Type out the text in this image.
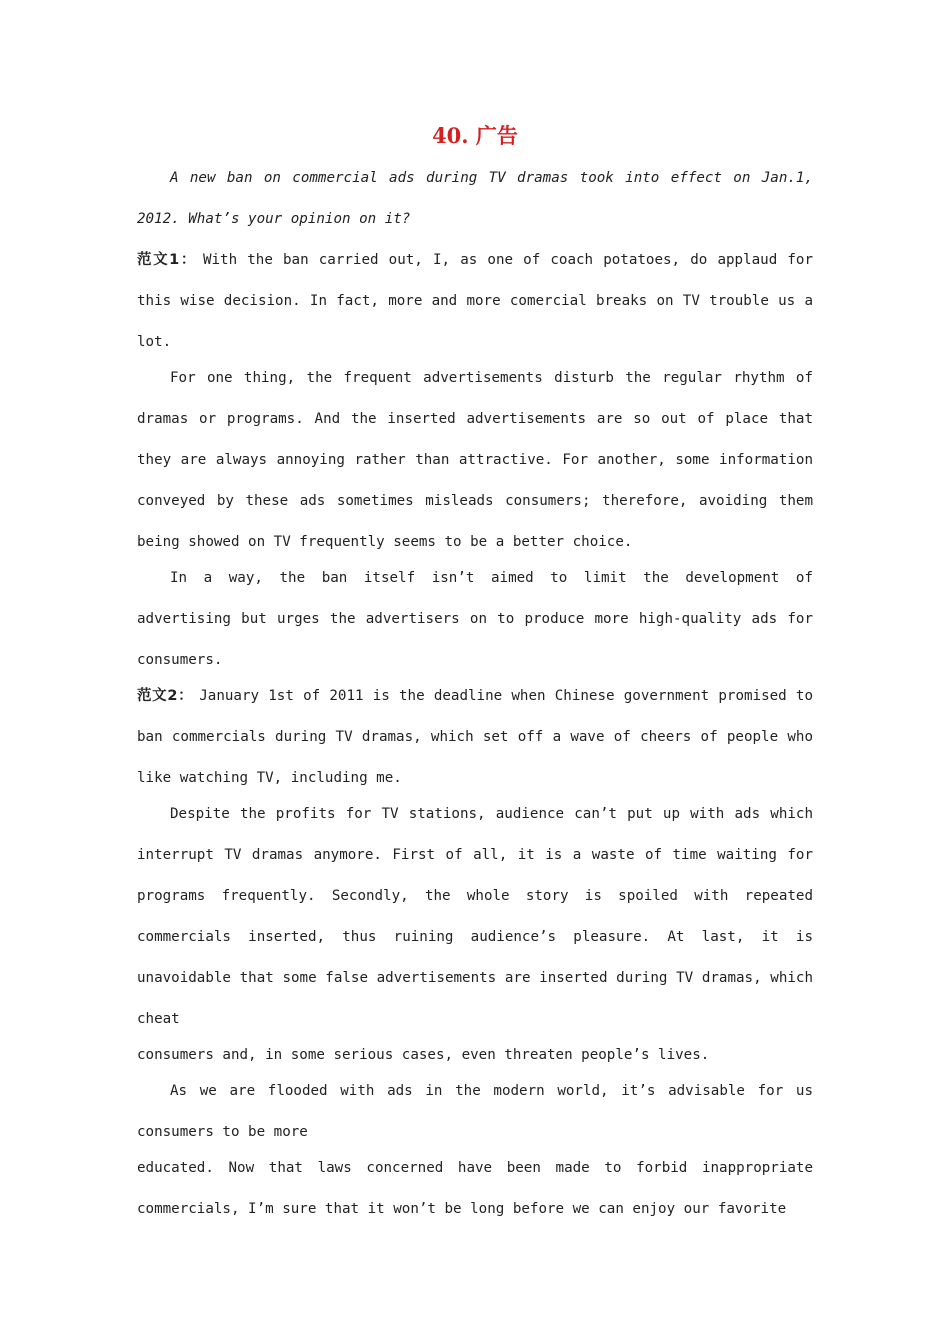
40. 广告

A new ban on commercial ads during TV dramas took into effect on Jan.1, 2012. What’s your opinion on it?

范文1： With the ban carried out, I, as one of coach potatoes, do applaud for this wise decision. In fact, more and more comercial breaks on TV trouble us a lot.

For one thing, the frequent advertisements disturb the regular rhythm of dramas or programs. And the inserted advertisements are so out of place that they are always annoying rather than attractive. For another, some information conveyed by these ads sometimes misleads consumers; therefore, avoiding them being showed on TV frequently seems to be a better choice.

In a way, the ban itself isn’t aimed to limit the development of advertising but urges the advertisers on to produce more high-quality ads for consumers.

范文2： January 1st of 2011 is the deadline when Chinese government promised to ban commercials during TV dramas, which set off a wave of cheers of people who like watching TV, including me.

Despite the profits for TV stations, audience can’t put up with ads which interrupt TV dramas anymore. First of all, it is a waste of time waiting for programs frequently. Secondly, the whole story is spoiled with repeated commercials inserted, thus ruining audience’s pleasure. At last, it is unavoidable that some false advertisements are inserted during TV dramas, which cheat

consumers and, in some serious cases, even threaten people’s lives.

As we are flooded with ads in the modern world, it’s advisable for us consumers to be more

educated. Now that laws concerned have been made to forbid inappropriate commercials, I’m sure that it won’t be long before we can enjoy our favorite
